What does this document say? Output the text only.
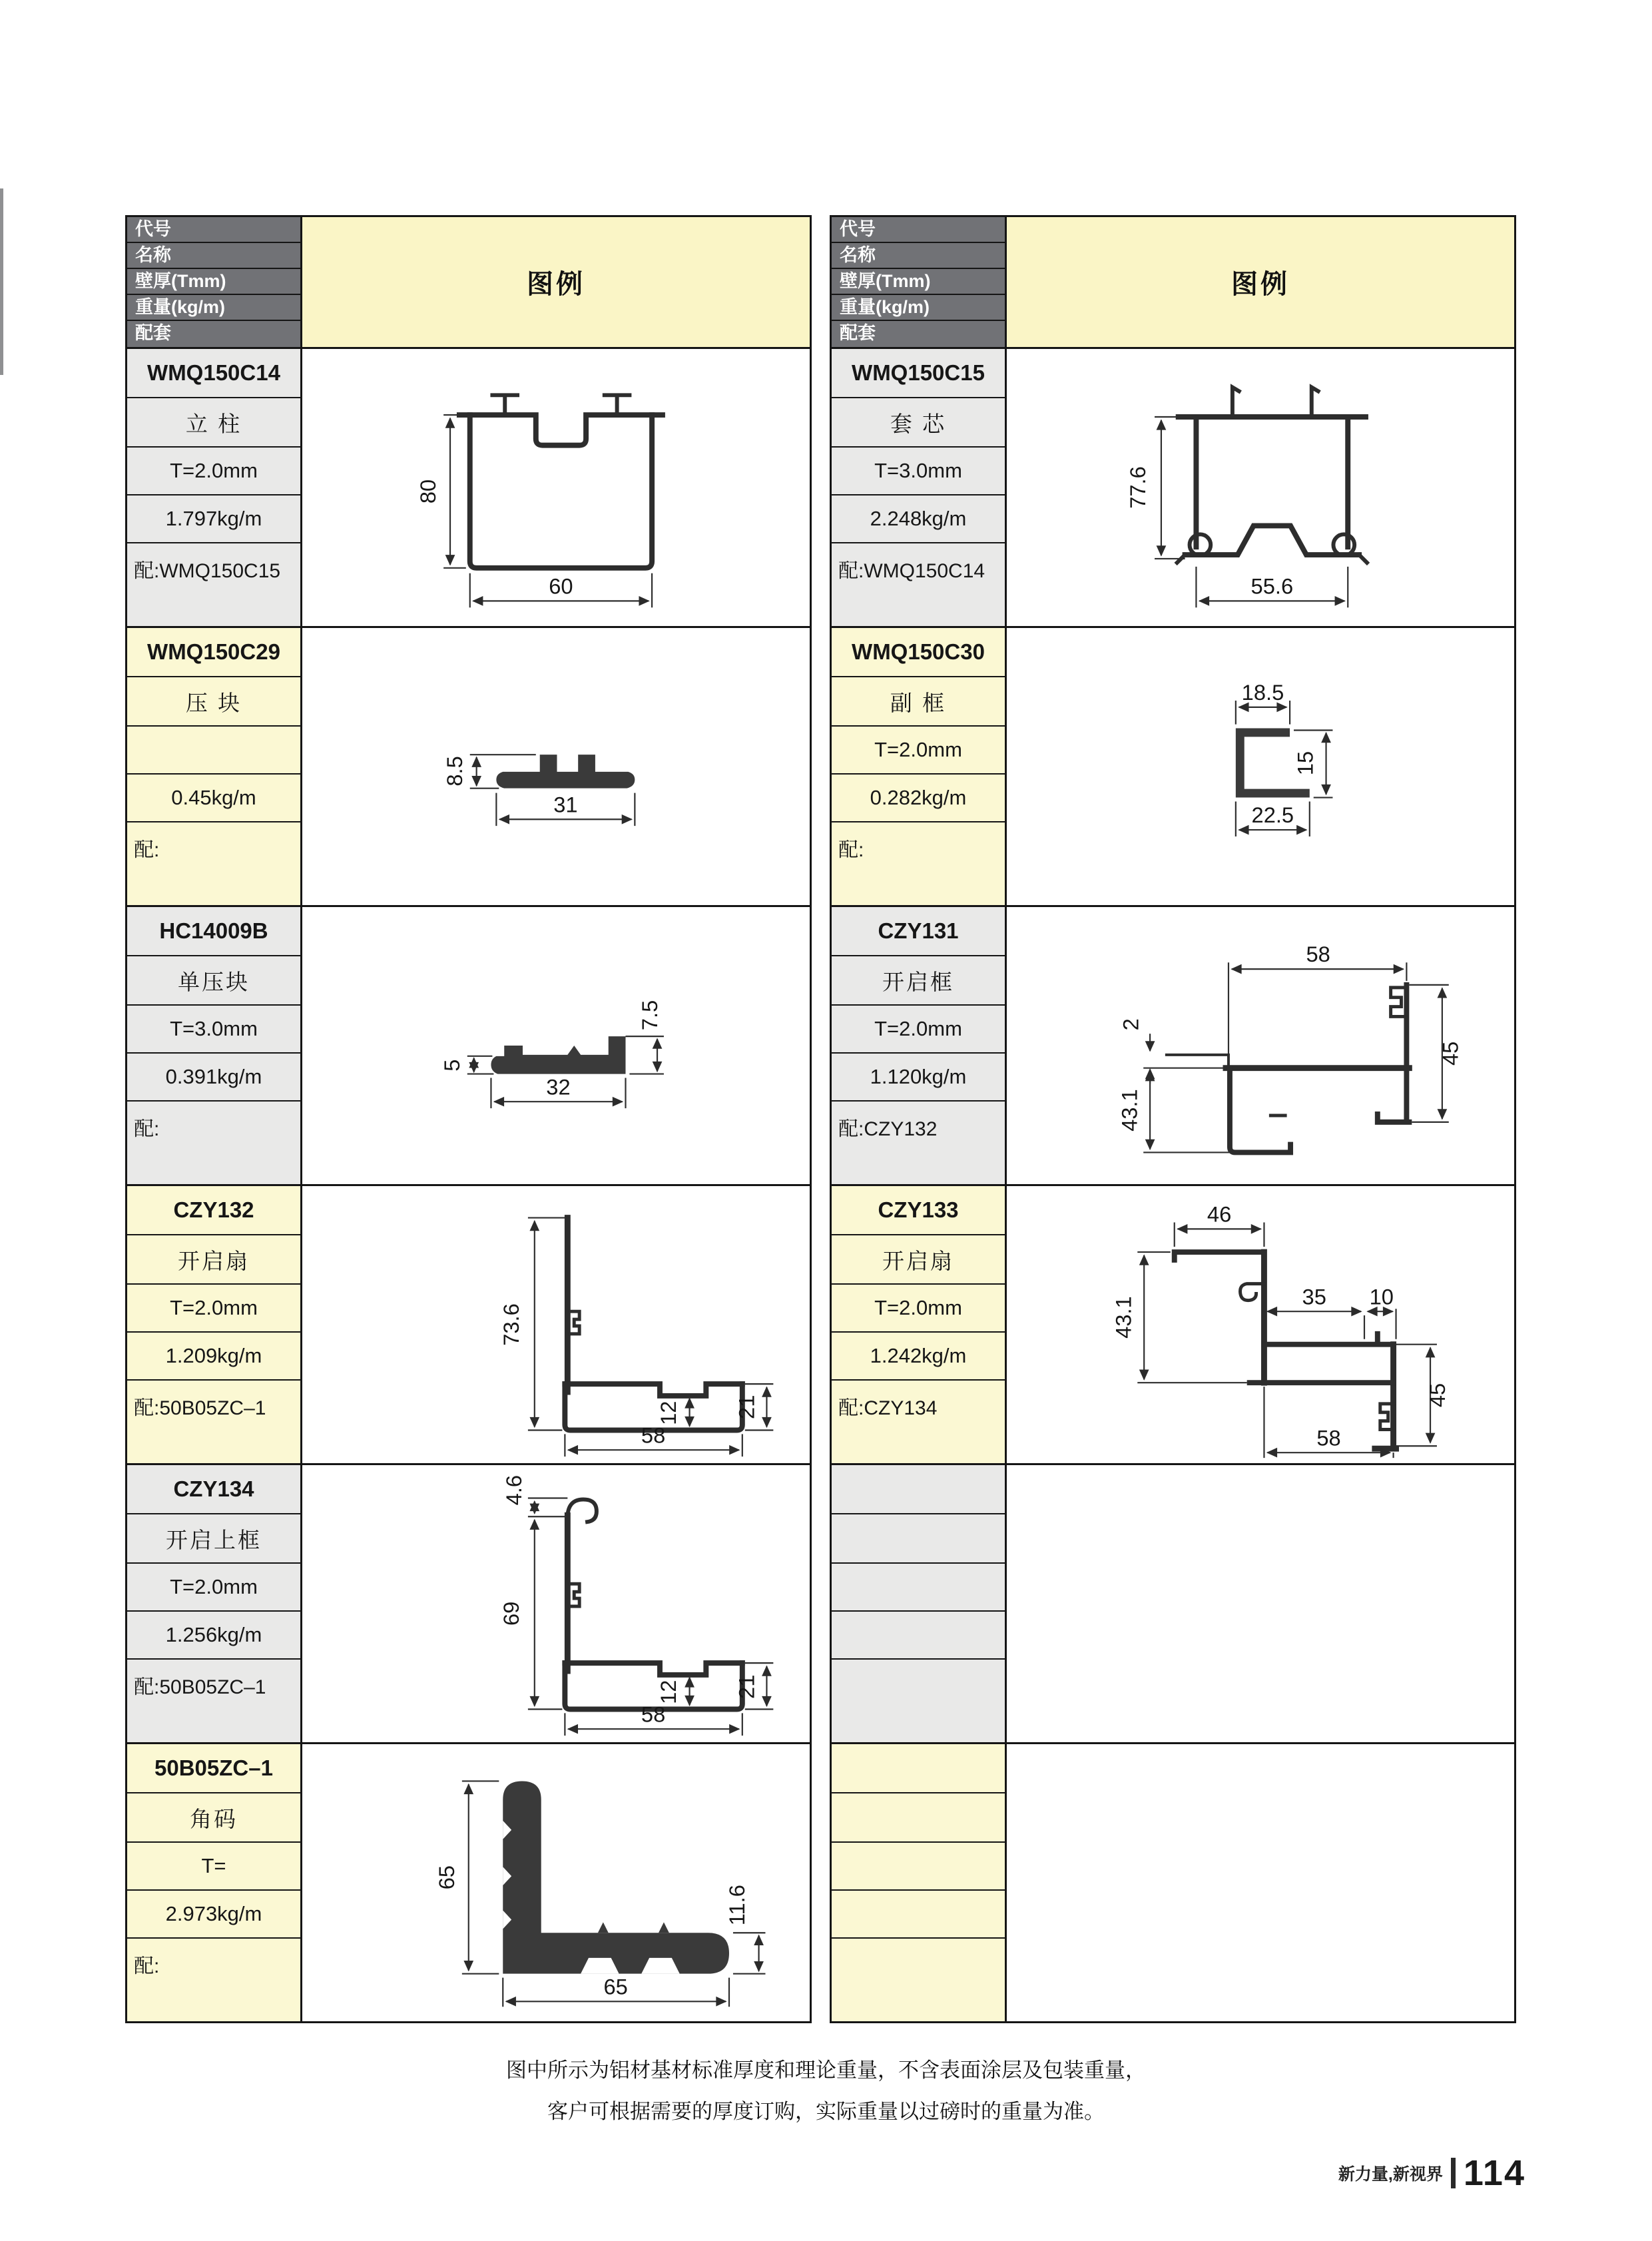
代号
名称
壁厚(Tmm)
重量(kg/m)
配套
图例
WMQ150C14
立 柱
T=2.0mm
1.797kg/m
配:WMQ150C15
80
60
WMQ150C29
压 块
0.45kg/m
配:
8.5
31
HC14009B
单压块
T=3.0mm
0.391kg/m
配:
5
7.5
32
CZY132
开启扇
T=2.0mm
1.209kg/m
配:50B05ZC–1
73.6
12 21
58
CZY134
开启上框
T=2.0mm
1.256kg/m
配:50B05ZC–1
4.6
69
12 21
58
50B05ZC–1
角码
T=
2.973kg/m
配:
65
11.6
65
代号
名称
壁厚(Tmm)
重量(kg/m)
配套
图例
WMQ150C15
套 芯
T=3.0mm
2.248kg/m
配:WMQ150C14
77.6
55.6
WMQ150C30
副 框
T=2.0mm
0.282kg/m
配:
18.5
15
22.5
CZY131
开启框
T=2.0mm
1.120kg/m
配:CZY132
58
2
43.1
45
CZY133
开启扇
T=2.0mm
1.242kg/m
配:CZY134
46
43.1	35 10
45
58
图中所示为铝材基材标准厚度和理论重量，不含表面涂层及包装重量，
客户可根据需要的厚度订购，实际重量以过磅时的重量为准。
新力量,新视界 114
